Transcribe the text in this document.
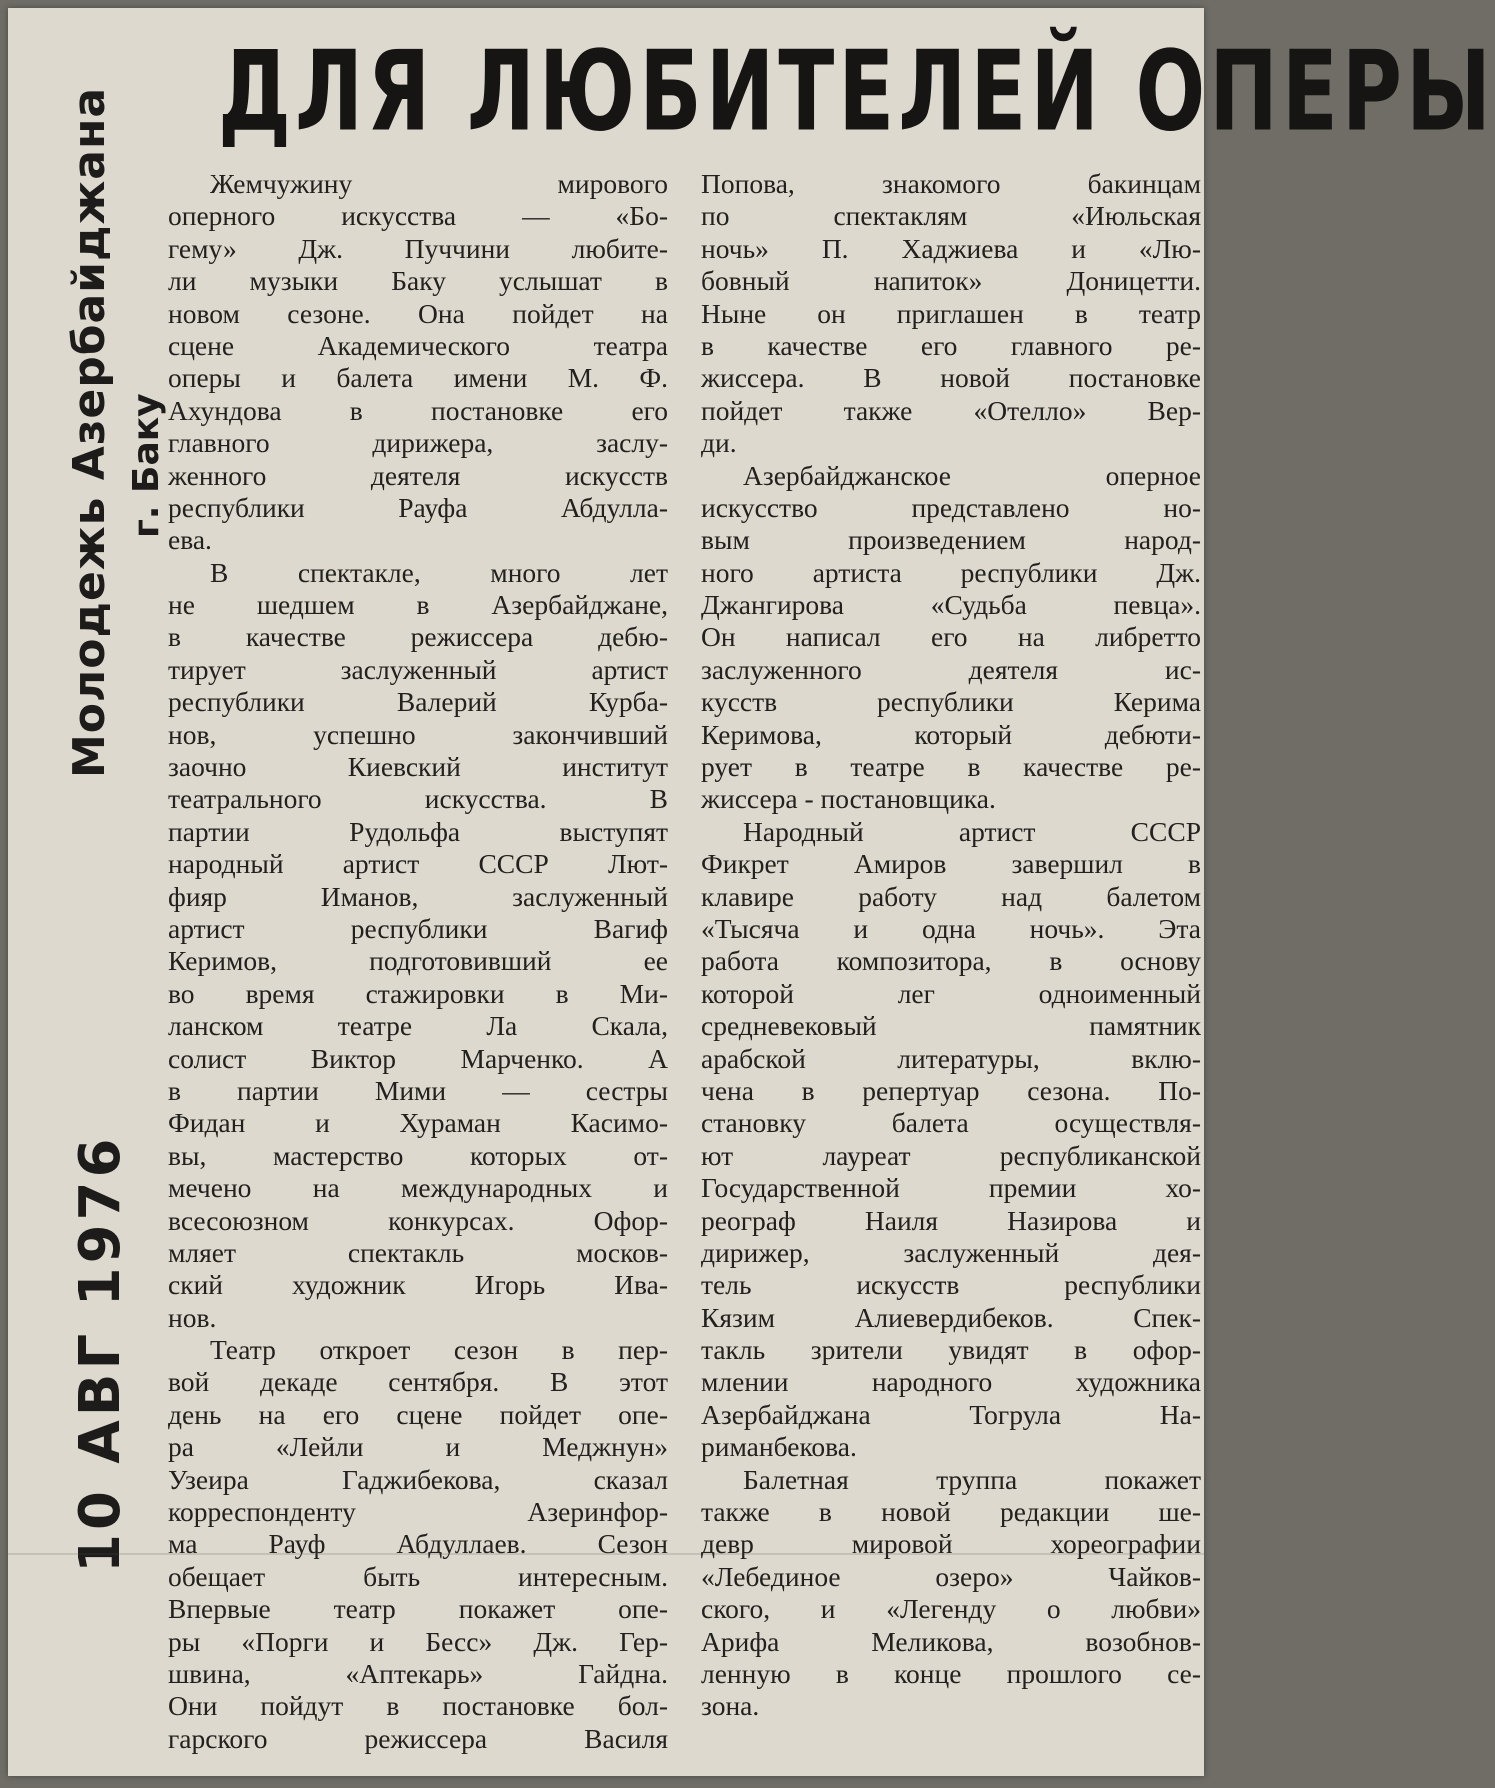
ДЛЯ ЛЮБИТЕЛЕЙ ОПЕРЫ
Молодежь Азербайджана г. Баку
10 АВГ 1976
Жемчужину мирового
оперного искусства — «Бо-
гему» Дж. Пуччини любите-
ли музыки Баку услышат в
новом сезоне. Она пойдет на
сцене Академического театра
оперы и балета имени М. Ф.
Ахундова в постановке его
главного дирижера, заслу-
женного деятеля искусств
республики Рауфа Абдулла-
ева.
В спектакле, много лет
не шедшем в Азербайджане,
в качестве режиссера дебю-
тирует заслуженный артист
республики Валерий Курба-
нов, успешно закончивший
заочно Киевский институт
театрального искусства. В
партии Рудольфа выступят
народный артист СССР Лют-
фияр Иманов, заслуженный
артист республики Вагиф
Керимов, подготовивший ее
во время стажировки в Ми-
ланском театре Ла Скала,
солист Виктор Марченко. А
в партии Мими — сестры
Фидан и Хураман Касимо-
вы, мастерство которых от-
мечено на международных и
всесоюзном конкурсах. Офор-
мляет спектакль москов-
ский художник Игорь Ива-
нов.
Театр откроет сезон в пер-
вой декаде сентября. В этот
день на его сцене пойдет опе-
ра «Лейли и Меджнун»
Узеира Гаджибекова, сказал
корреспонденту Азеринфор-
ма Рауф Абдуллаев. Сезон
обещает быть интересным.
Впервые театр покажет опе-
ры «Порги и Бесс» Дж. Гер-
швина, «Аптекарь» Гайдна.
Они пойдут в постановке бол-
гарского режиссера Василя
Попова, знакомого бакинцам
по спектаклям «Июльская
ночь» П. Хаджиева и «Лю-
бовный напиток» Доницетти.
Ныне он приглашен в театр
в качестве его главного ре-
жиссера. В новой постановке
пойдет также «Отелло» Вер-
ди.
Азербайджанское оперное
искусство представлено но-
вым произведением народ-
ного артиста республики Дж.
Джангирова «Судьба певца».
Он написал его на либретто
заслуженного деятеля ис-
кусств республики Керима
Керимова, который дебюти-
рует в театре в качестве ре-
жиссера - постановщика.
Народный артист СССР
Фикрет Амиров завершил в
клавире работу над балетом
«Тысяча и одна ночь». Эта
работа композитора, в основу
которой лег одноименный
средневековый памятник
арабской литературы, вклю-
чена в репертуар сезона. По-
становку балета осуществля-
ют лауреат республиканской
Государственной премии хо-
реограф Наиля Назирова и
дирижер, заслуженный дея-
тель искусств республики
Кязим Алиевердибеков. Спек-
такль зрители увидят в офор-
млении народного художника
Азербайджана Тогрула На-
риманбекова.
Балетная труппа покажет
также в новой редакции ше-
девр мировой хореографии
«Лебединое озеро» Чайков-
ского, и «Легенду о любви»
Арифа Меликова, возобнов-
ленную в конце прошлого се-
зона.
